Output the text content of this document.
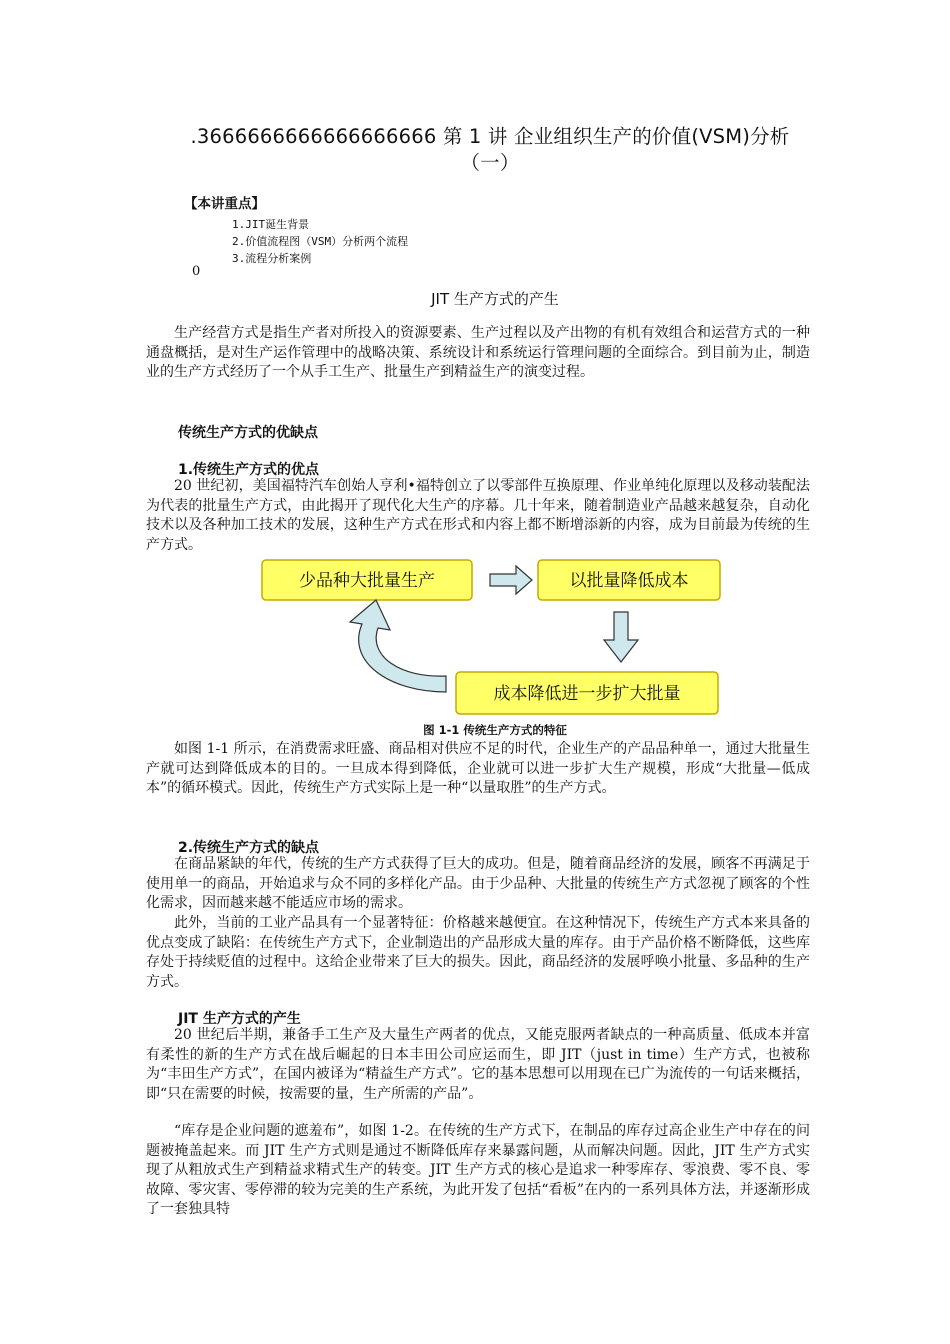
.3666666666666666666 第 1 讲 企业组织生产的价值(VSM)分析
（一）
【本讲重点】
1.JIT诞生背景
2.价值流程图（VSM）分析两个流程
3.流程分析案例
0
JIT 生产方式的产生

生产经营方式是指生产者对所投入的资源要素、生产过程以及产出物的有机有效组合和运营方式的一种通盘概括，是对生产运作管理中的战略决策、系统设计和系统运行管理问题的全面综合。到目前为止，制造业的生产方式经历了一个从手工生产、批量生产到精益生产的演变过程。

传统生产方式的优缺点
1.传统生产方式的优点

20 世纪初，美国福特汽车创始人亨利•福特创立了以零部件互换原理、作业单纯化原理以及移动装配法为代表的批量生产方式，由此揭开了现代化大生产的序幕。几十年来，随着制造业产品越来越复杂，自动化技术以及各种加工技术的发展，这种生产方式在形式和内容上都不断增添新的内容，成为目前最为传统的生产方式。

少品种大批量生产	以批量降低成本
成本降低进一步扩大批量
图 1-1 传统生产方式的特征

如图 1-1 所示，在消费需求旺盛、商品相对供应不足的时代，企业生产的产品品种单一，通过大批量生产就可达到降低成本的目的。一旦成本得到降低，企业就可以进一步扩大生产规模，形成“大批量—低成本”的循环模式。因此，传统生产方式实际上是一种“以量取胜”的生产方式。

2.传统生产方式的缺点

在商品紧缺的年代，传统的生产方式获得了巨大的成功。但是，随着商品经济的发展，顾客不再满足于使用单一的商品，开始追求与众不同的多样化产品。由于少品种、大批量的传统生产方式忽视了顾客的个性化需求，因而越来越不能适应市场的需求。

此外，当前的工业产品具有一个显著特征：价格越来越便宜。在这种情况下，传统生产方式本来具备的优点变成了缺陷：在传统生产方式下，企业制造出的产品形成大量的库存。由于产品价格不断降低，这些库存处于持续贬值的过程中。这给企业带来了巨大的损失。因此，商品经济的发展呼唤小批量、多品种的生产方式。

JIT 生产方式的产生

20 世纪后半期，兼备手工生产及大量生产两者的优点，又能克服两者缺点的一种高质量、低成本并富有柔性的新的生产方式在战后崛起的日本丰田公司应运而生，即 JIT（just in time）生产方式，也被称为“丰田生产方式”，在国内被译为“精益生产方式”。它的基本思想可以用现在已广为流传的一句话来概括，即“只在需要的时候，按需要的量，生产所需的产品”。

“库存是企业问题的遮羞布”，如图 1-2。在传统的生产方式下，在制品的库存过高企业生产中存在的问题被掩盖起来。而 JIT 生产方式则是通过不断降低库存来暴露问题，从而解决问题。因此，JIT 生产方式实现了从粗放式生产到精益求精式生产的转变。JIT 生产方式的核心是追求一种零库存、零浪费、零不良、零故障、零灾害、零停滞的较为完美的生产系统，为此开发了包括“看板”在内的一系列具体方法，并逐渐形成了一套独具特
